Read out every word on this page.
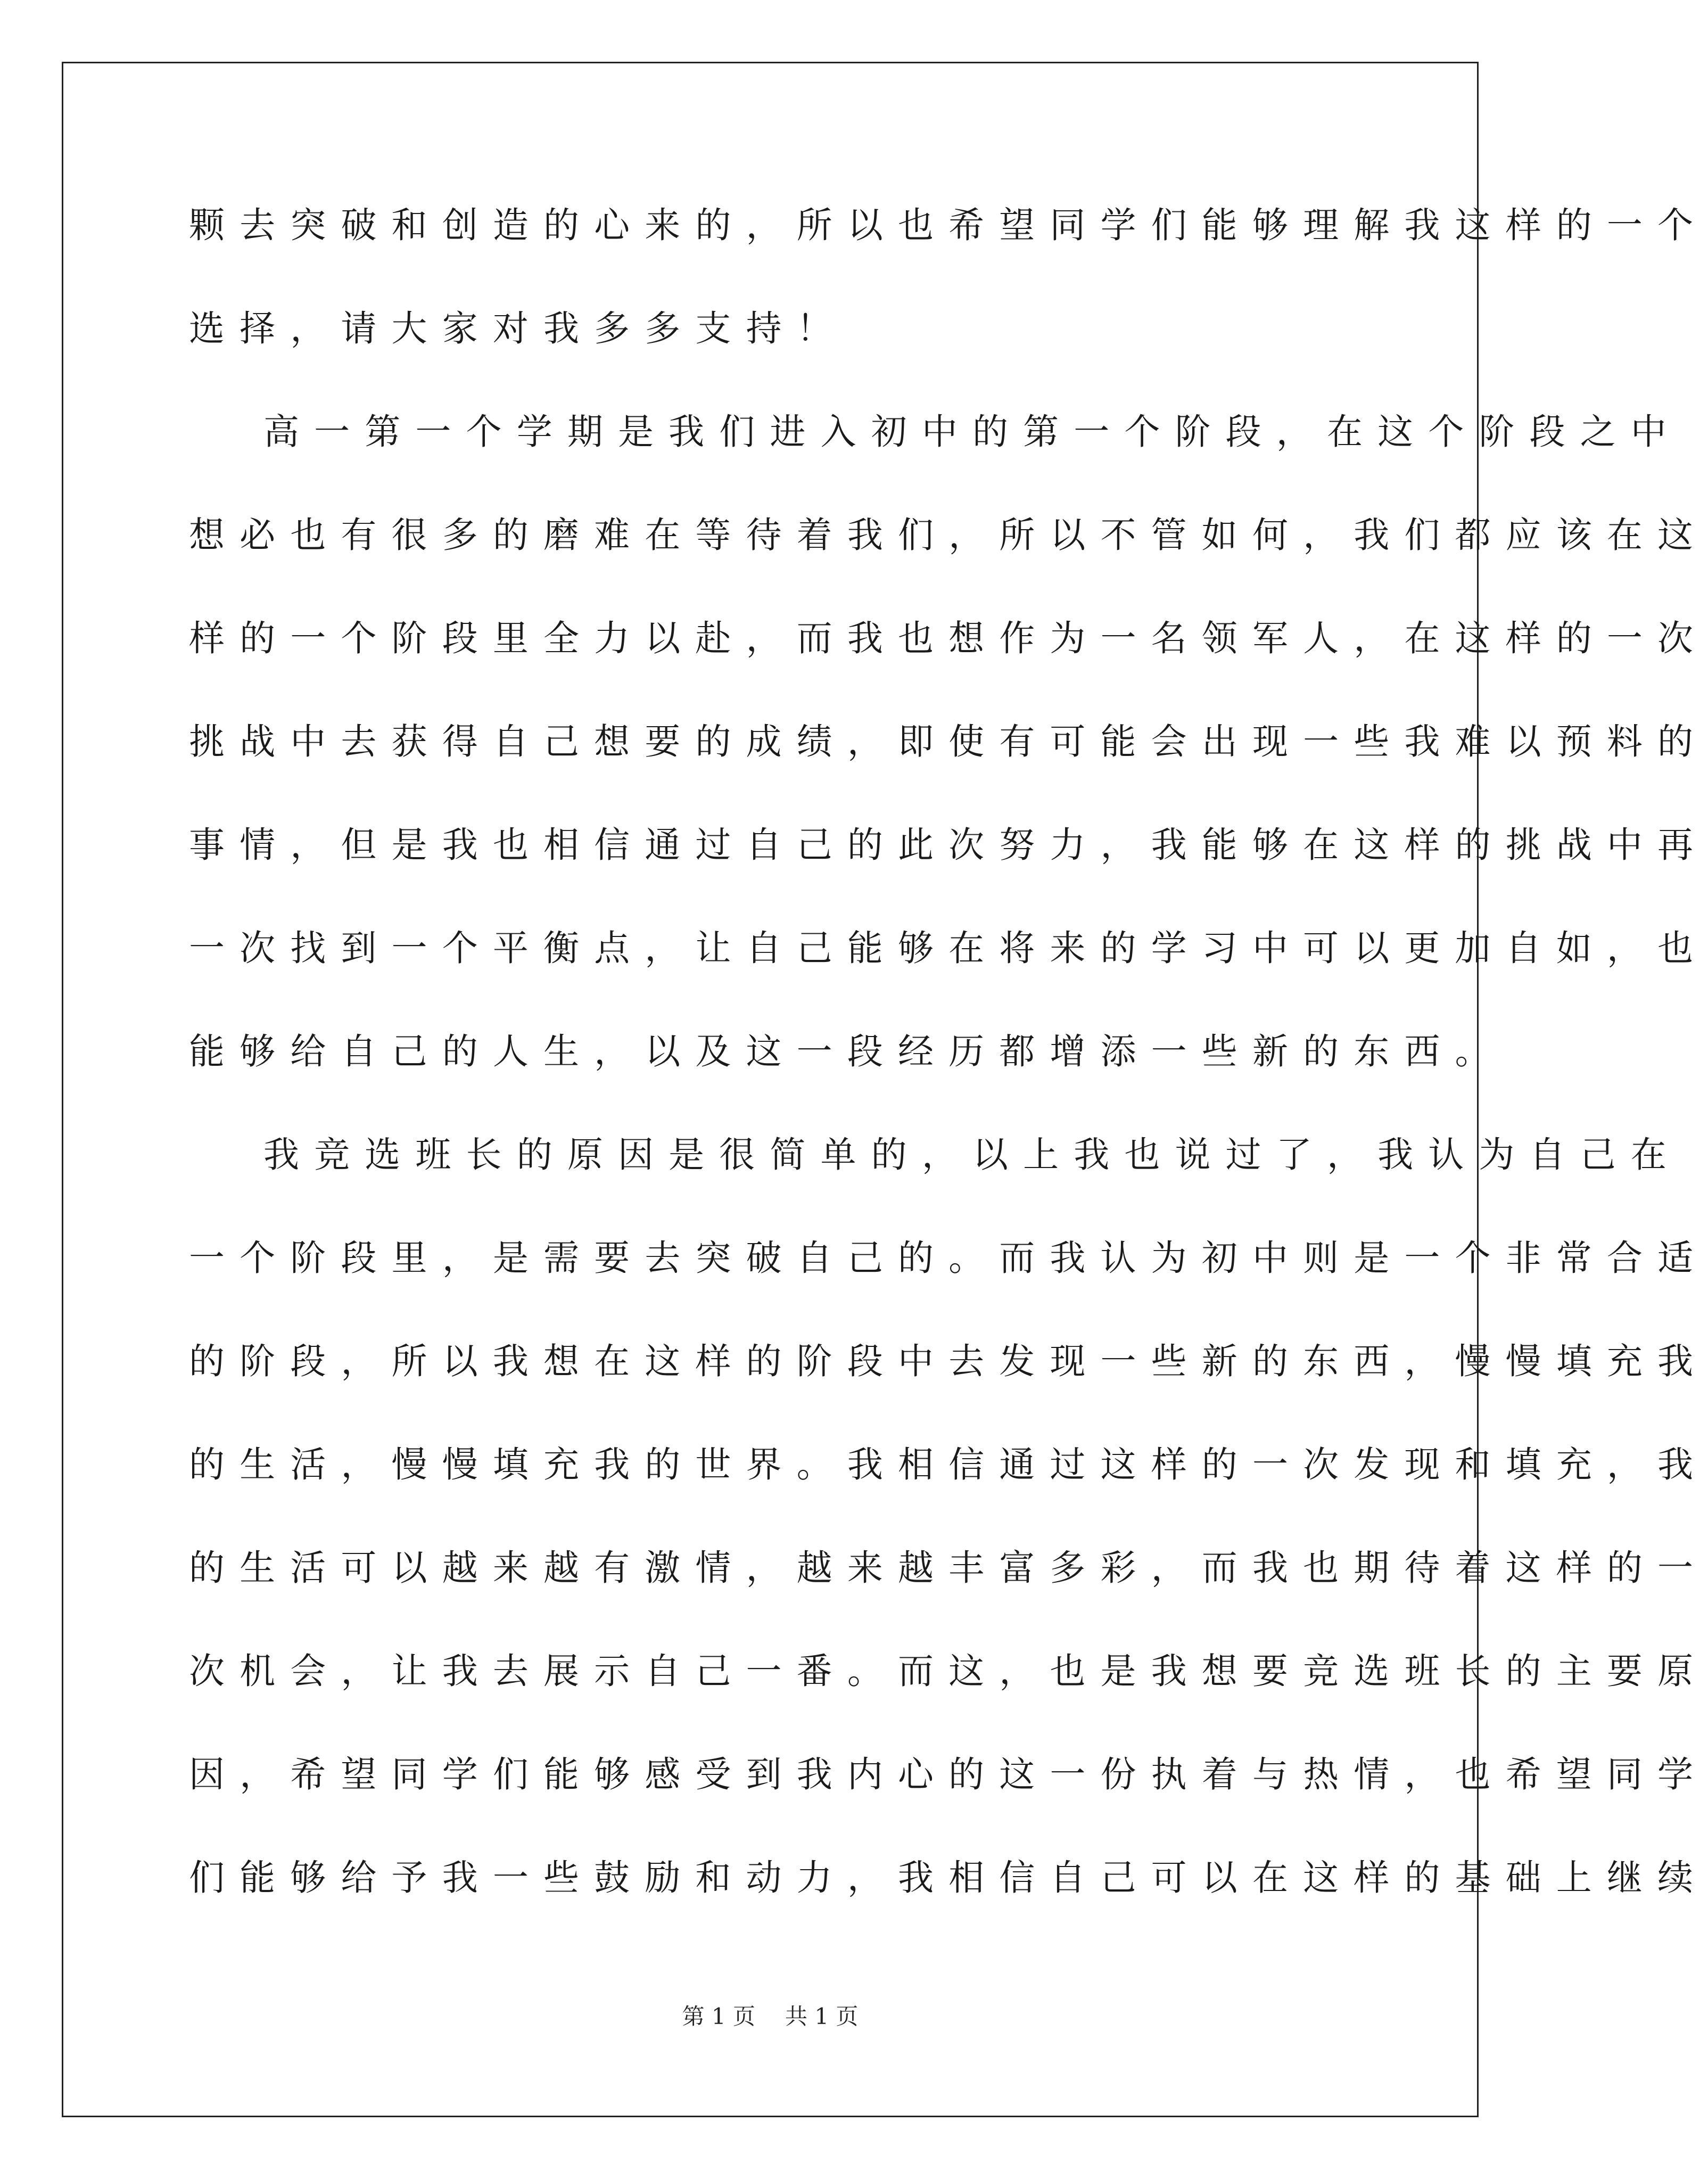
颗去突破和创造的心来的，所以也希望同学们能够理解我这样的一个
选择，请大家对我多多支持！
高一第一个学期是我们进入初中的第一个阶段，在这个阶段之中
想必也有很多的磨难在等待着我们，所以不管如何，我们都应该在这
样的一个阶段里全力以赴，而我也想作为一名领军人，在这样的一次
挑战中去获得自己想要的成绩，即使有可能会出现一些我难以预料的
事情，但是我也相信通过自己的此次努力，我能够在这样的挑战中再
一次找到一个平衡点，让自己能够在将来的学习中可以更加自如，也
能够给自己的人生，以及这一段经历都增添一些新的东西。
我竞选班长的原因是很简单的，以上我也说过了，我认为自己在
一个阶段里，是需要去突破自己的。而我认为初中则是一个非常合适
的阶段，所以我想在这样的阶段中去发现一些新的东西，慢慢填充我
的生活，慢慢填充我的世界。我相信通过这样的一次发现和填充，我
的生活可以越来越有激情，越来越丰富多彩，而我也期待着这样的一
次机会，让我去展示自己一番。而这，也是我想要竞选班长的主要原
因，希望同学们能够感受到我内心的这一份执着与热情，也希望同学
们能够给予我一些鼓励和动力，我相信自己可以在这样的基础上继续
第 1 页 共 1 页
